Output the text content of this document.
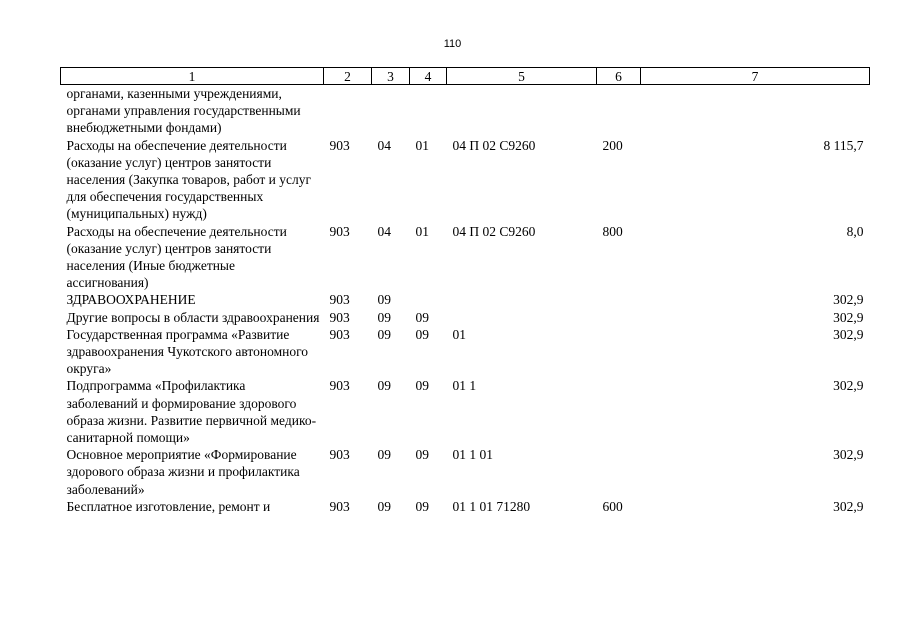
110
1	2	3	4	5	6	7
органами, казенными учреждениями, органами управления государственными внебюджетными фондами)						
Расходы на обеспечение деятельности (оказание услуг) центров занятости населения (Закупка товаров, работ и услуг для обеспечения государственных (муниципальных) нужд)	903	04	01	04 П 02 С9260	200	8 115,7
Расходы на обеспечение деятельности (оказание услуг) центров занятости населения (Иные бюджетные ассигнования)	903	04	01	04 П 02 С9260	800	8,0
ЗДРАВООХРАНЕНИЕ	903	09				302,9
Другие вопросы в области здравоохранения	903	09	09			302,9
Государственная программа «Развитие здравоохранения Чукотского автономного округа»	903	09	09	01		302,9
Подпрограмма «Профилактика заболеваний и формирование здорового образа жизни. Развитие первичной медико-санитарной помощи»	903	09	09	01 1		302,9
Основное мероприятие «Формирование здорового образа жизни и профилактика заболеваний»	903	09	09	01 1 01		302,9
Бесплатное изготовление, ремонт и	903	09	09	01 1 01 71280	600	302,9
